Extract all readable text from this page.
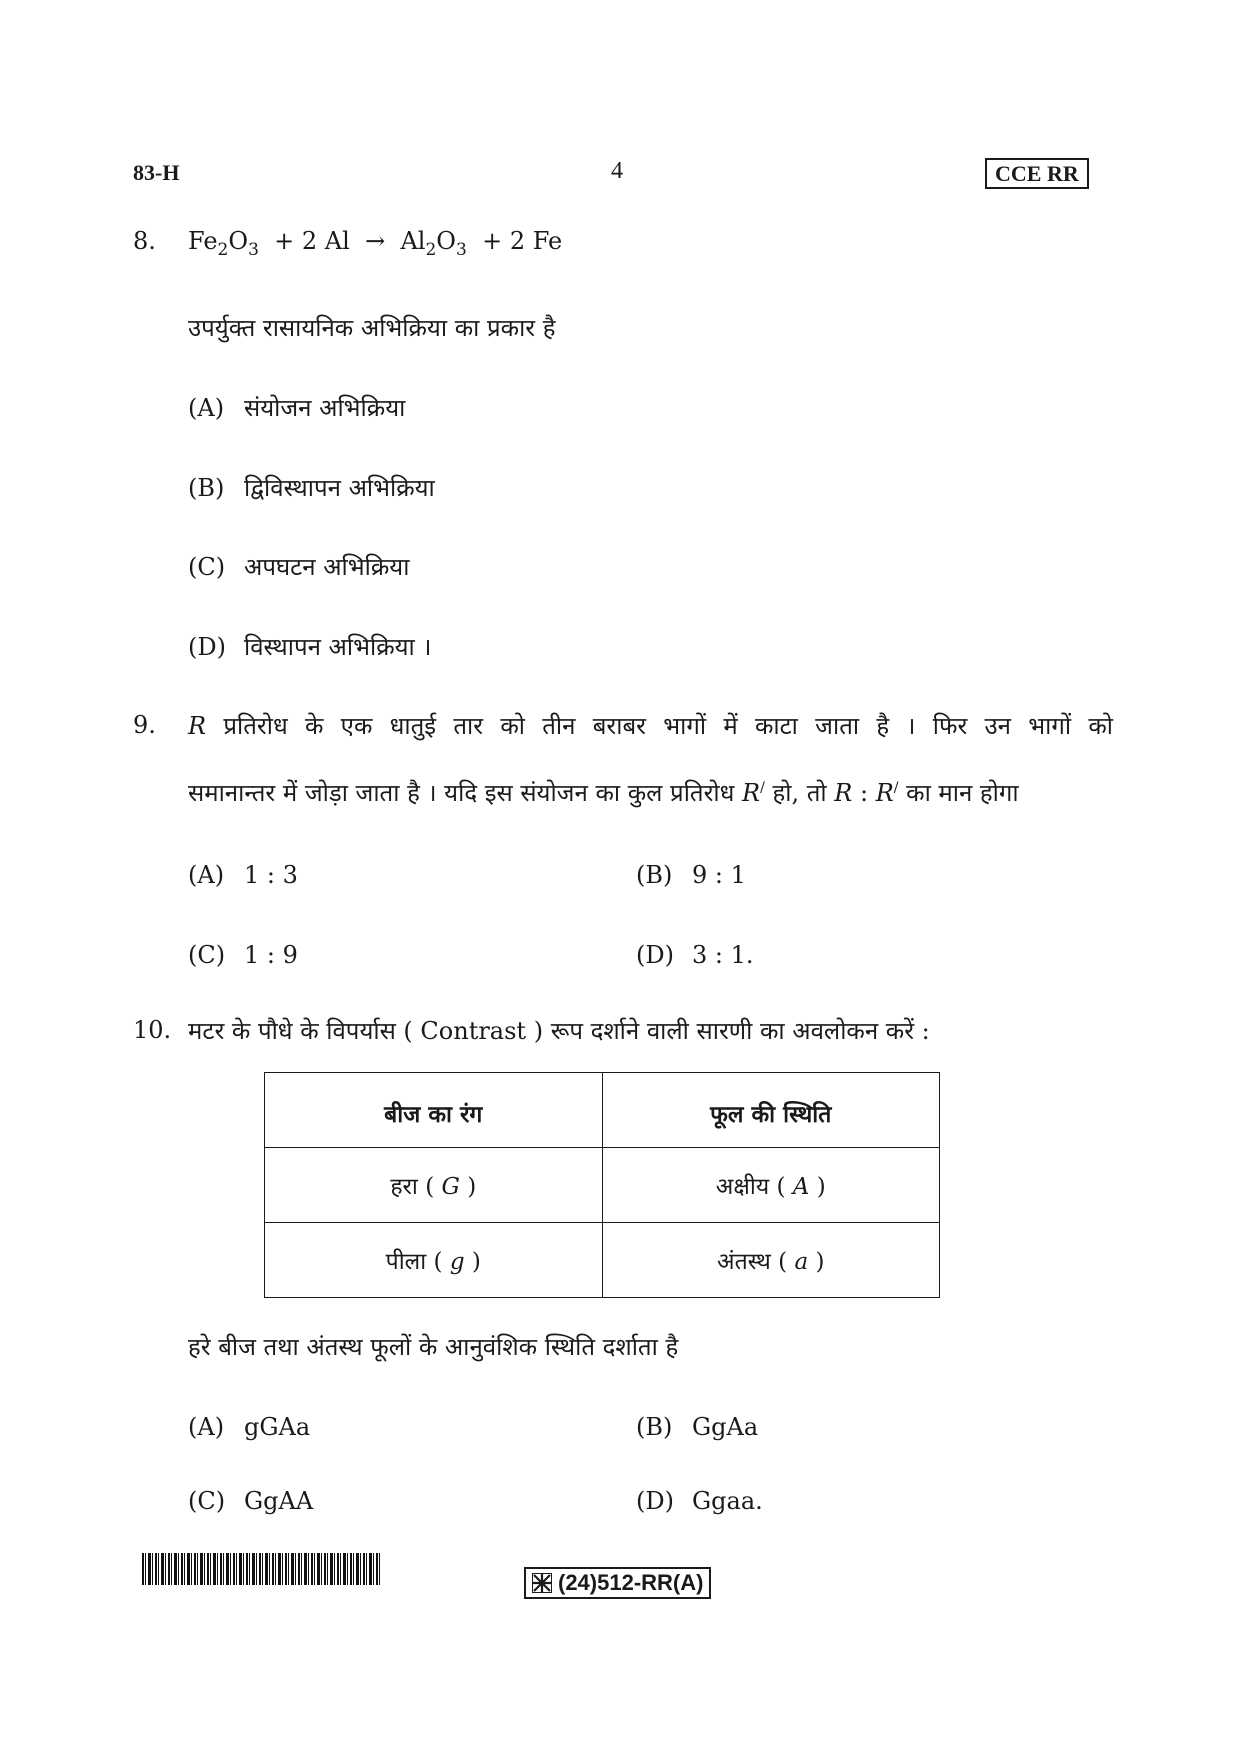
83-H	4	CCE RR
8. $Fe_2O_3 + 2$ $Al \to Al_2O_3 + 2$ Fe
उपर्युक्त रासायनिक अभिक्रिया का प्रकार है
(A) संयोजन अभिक्रिया
(B) द्विविस्थापन अभिक्रिया
(C) अपघटन अभिक्रिया
(D) विस्थापन अभिक्रिया ।
9. R प्रतिरोध के एक धातुई तार को तीन बराबर भागों में काटा जाता है । फिर उन भागों को
समानान्तर में जोड़ा जाता है । यदि इस संयोजन का कुल प्रतिरोध R/ हो, तो R : R/ का मान होगा
(A) 1 : 3	(B) 9 : 1
(C) 1 : 9	(D) 3 : 1.
10. मटर के पौधे के विपर्यास ( Contrast ) रूप दर्शाने वाली सारणी का अवलोकन करें :
बीज का रंग	फूल की स्थिति
हरा ( G )	अक्षीय ( A )
पीला ( g )	अंतस्थ ( a )
हरे बीज तथा अंतस्थ फूलों के आनुवंशिक स्थिति दर्शाता है
(A) gGAa	(B) GgAa
(C) GgAA	(D) Ggaa.
(24)512-RR(A)
